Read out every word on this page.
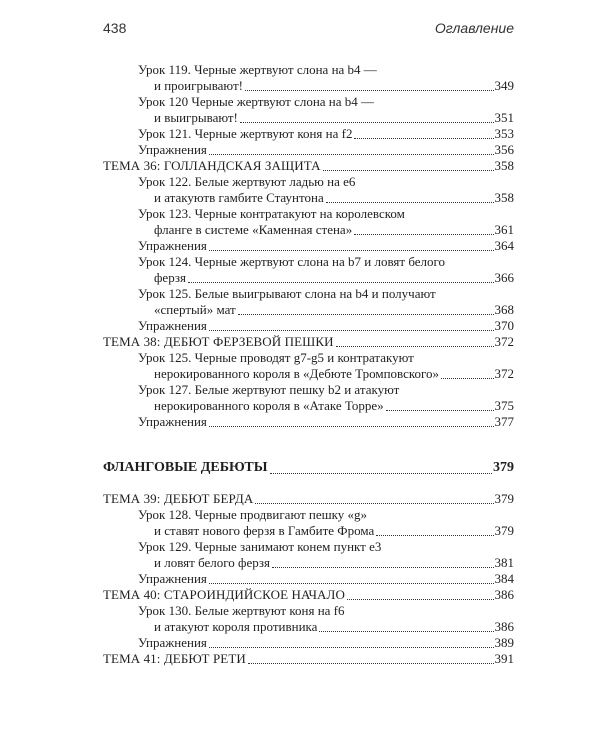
438	Оглавление
Урок 119. Черные жертвуют слона на b4 —
и проигрывают!	349
Урок 120 Черные жертвуют слона на b4 —
и выигрывают!	351
Урок 121. Черные жертвуют коня на f2	353
Упражнения	356
ТЕМА 36: ГОЛЛАНДСКАЯ ЗАЩИТА	358
Урок 122. Белые жертвуют ладью на е6
и атакуютв гамбите Стаунтона	358
Урок 123. Черные контратакуют на королевском
фланге в системе «Каменная стена»	361
Упражнения	364
Урок 124. Черные жертвуют слона на b7 и ловят белого
ферзя	366
Урок 125. Белые выигрывают слона на b4 и получают
«спертый» мат	368
Упражнения	370
ТЕМА 38: ДЕБЮТ ФЕРЗЕВОЙ ПЕШКИ	372
Урок 125. Черные проводят g7-g5 и контратакуют
нерокированного короля в «Дебюте Тромповского»	372
Урок 127. Белые жертвуют пешку b2 и атакуют
нерокированного короля в «Атаке Торре»	375
Упражнения	377
ФЛАНГОВЫЕ ДЕБЮТЫ	379
ТЕМА 39: ДЕБЮТ БЕРДА	379
Урок 128. Черные продвигают пешку «g»
и ставят нового ферзя в Гамбите Фрома	379
Урок 129. Черные занимают конем пункт е3
и ловят белого ферзя	381
Упражнения	384
ТЕМА 40: СТАРОИНДИЙСКОЕ НАЧАЛО	386
Урок 130. Белые жертвуют коня на f6
и атакуют короля противника	386
Упражнения	389
ТЕМА 41: ДЕБЮТ РЕТИ	391
